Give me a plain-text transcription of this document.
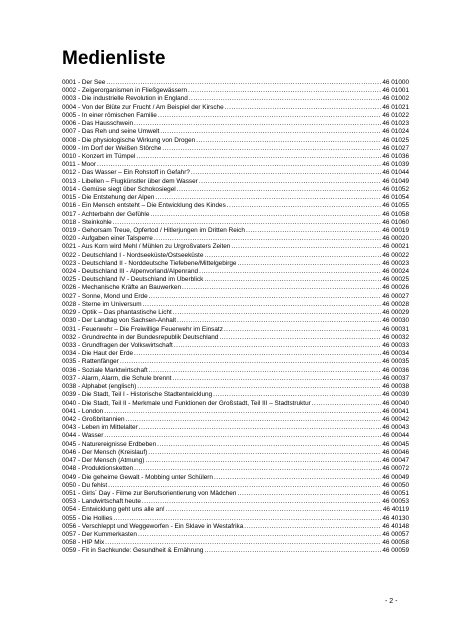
Medienliste
0001 - Der See .....	46 01000
0002 - Zeigerorganismen in Fließgewässern .....	46 01001
0003 - Die industrielle Revolution in England .....	46 01002
0004 - Von der Blüte zur Frucht / Am Beispiel der Kirsche .....	46 01021
0005 - In einer römischen Familie .....	46 01022
0006 - Das Hausschwein .....	46 01023
0007 - Das Reh und seine Umwelt .....	46 01024
0008 - Die physiologische Wirkung von Drogen .....	46 01025
0009 - Im Dorf der Weißen Störche .....	46 01027
0010 - Konzert im Tümpel .....	46 01036
0011 - Moor .....	46 01039
0012 - Das Wasser – Ein Rohstoff in Gefahr? .....	46 01044
0013 - Libellen – Flugkünstler über dem Wasser .....	46 01049
0014 - Gemüse siegt über Schokosiegel .....	46 01052
0015 - Die Entstehung der Alpen .....	46 01054
0016 - Ein Mensch entsteht – Die Entwicklung des Kindes .....	46 01055
0017 - Achterbahn der Gefühle .....	46 01058
0018 - Steinkohle .....	46 01060
0019 - Gehorsam Treue, Opfertod / Hitlerjungen im Dritten Reich .....	46 00019
0020 - Aufgaben einer Talsperre .....	46 00020
0021 - Aus Korn wird Mehl / Mühlen zu Urgroßvaters Zeiten .....	46 00021
0022 - Deutschland I - Nordseeküste/Ostseeküste .....	46 00022
0023 - Deutschland II - Norddeutsche Tiefebene/Mittelgebirge .....	46 00023
0024 - Deutschland III - Alpenvorland/Alpenrand .....	46 00024
0025 - Deutschland IV - Deutschland im Überblick .....	46 00025
0026 - Mechanische Kräfte an Bauwerken .....	46 00026
0027 - Sonne, Mond und Erde .....	46 00027
0028 - Sterne im Universum .....	46 00028
0029 - Optik – Das phantastische Licht .....	46 00029
0030 - Der Landtag von Sachsen-Anhalt .....	46 00030
0031 - Feuerwehr – Die Freiwillige Feuerwehr im Einsatz .....	46 00031
0032 - Grundrechte in der Bundesrepublik Deutschland .....	46 00032
0033 - Grundfragen der Volkswirtschaft .....	46 00033
0034 - Die Haut der Erde .....	46 00034
0035 - Rattenfänger .....	46 00035
0036 - Soziale Marktwirtschaft .....	46 00036
0037 - Alarm, Alarm, die Schule brennt .....	46 00037
0038 - Alphabet (englisch) .....	46 00038
0039 - Die Stadt, Teil I - Historische Stadtentwicklung .....	46 00039
0040 - Die Stadt, Teil II - Merkmale und Funktionen der Großstadt, Teil III – Stadtstruktur .....	46 00040
0041 - London .....	46 00041
0042 - Großbritannien .....	46 00042
0043 - Leben im Mittelalter .....	46 00043
0044 - Wasser .....	46 00044
0045 - Naturereignisse Erdbeben .....	46 00045
0046 - Der Mensch (Kreislauf) .....	46 00046
0047 - Der Mensch (Atmung) .....	46 00047
0048 - Produktionsketten .....	46 00072
0049 - Die geheime Gewalt - Mobbing unter Schülern .....	46 00049
0050 - Du fehlst .....	46 00050
0051 - Girls´ Day - Filme zur Berufsorientierung von Mädchen .....	46 00051
0053 - Landwirtschaft heute .....	46 00053
0054 - Entwicklung geht uns alle an! .....	46 40119
0055 - Die Hollies .....	46 40130
0056 - Verschleppt und Weggeworfen - Ein Sklave in Westafrika .....	46 40148
0057 - Der Kummerkasten .....	46 00057
0058 - HIP Mix .....	46 00058
0059 - Fit in Sachkunde: Gesundheit & Ernährung .....	46 00059
- 2 -
